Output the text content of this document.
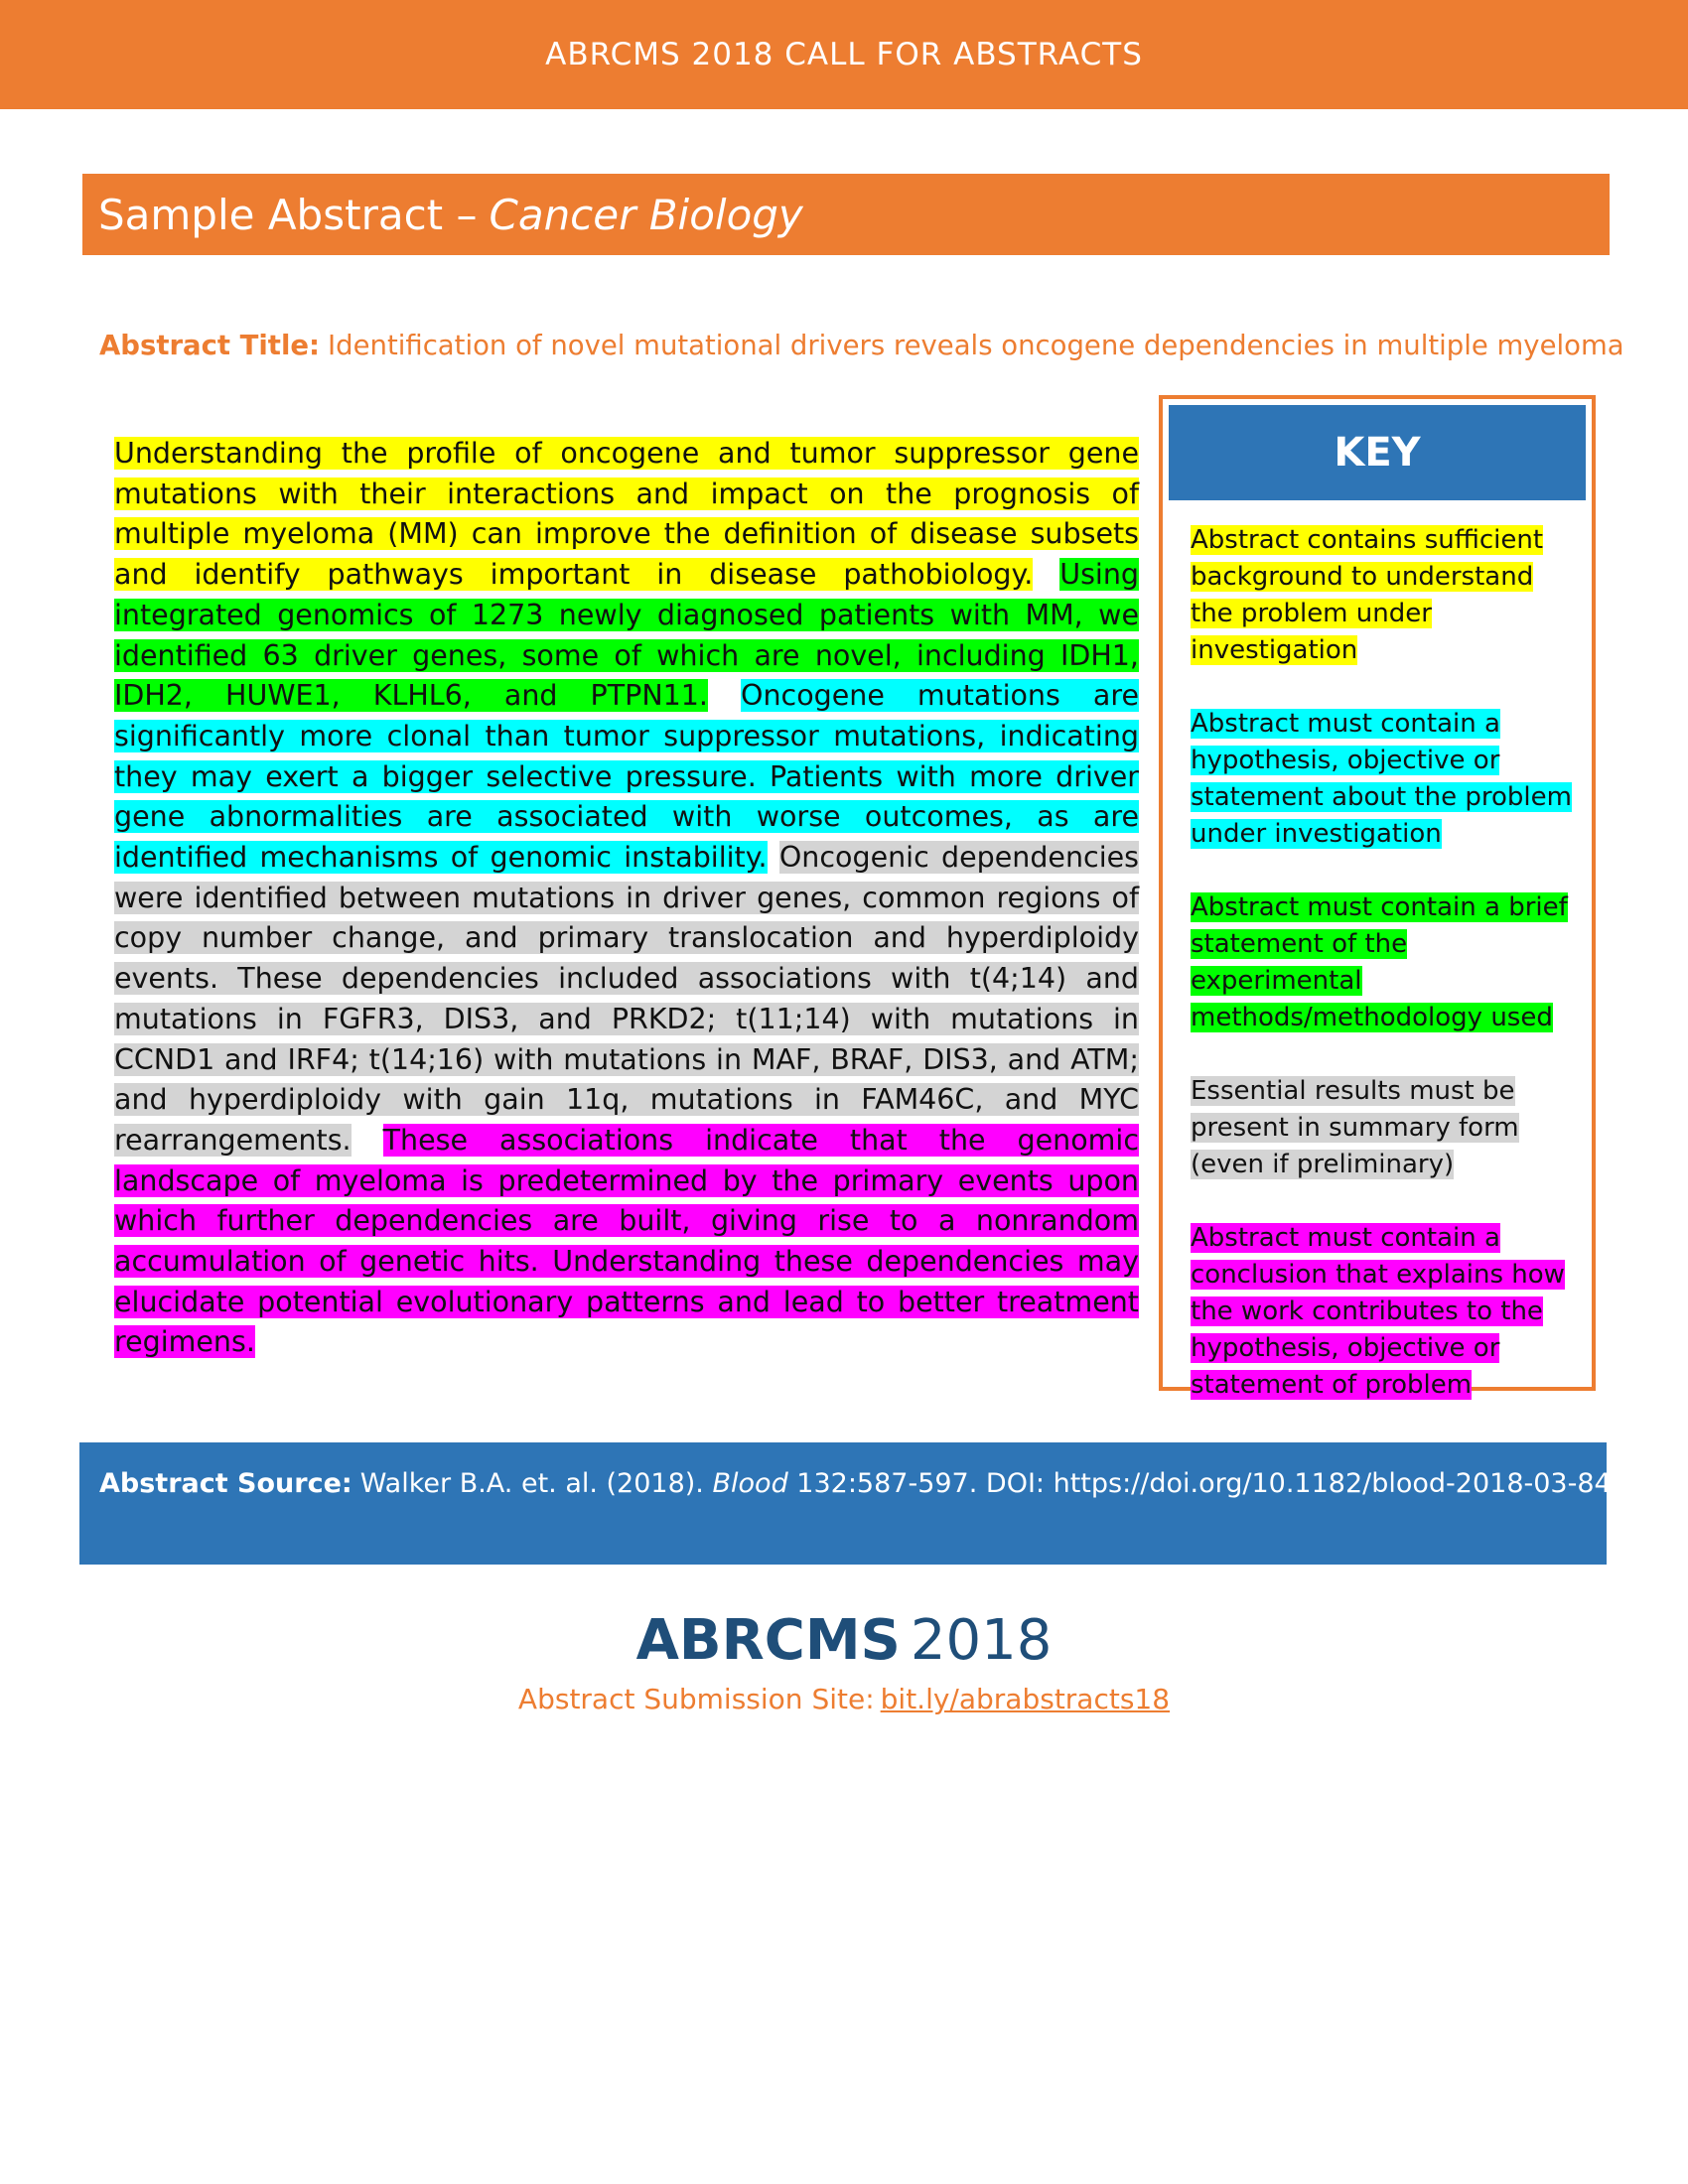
ABRCMS 2018 CALL FOR ABSTRACTS
Sample Abstract – Cancer Biology
Abstract Title: Identification of novel mutational drivers reveals oncogene dependencies in multiple myeloma
Understanding the profile of oncogene and tumor suppressor gene mutations with their interactions and impact on the prognosis of multiple myeloma (MM) can improve the definition of disease subsets and identify pathways important in disease pathobiology. Using integrated genomics of 1273 newly diagnosed patients with MM, we identified 63 driver genes, some of which are novel, including IDH1, IDH2, HUWE1, KLHL6, and PTPN11. Oncogene mutations are significantly more clonal than tumor suppressor mutations, indicating they may exert a bigger selective pressure. Patients with more driver gene abnormalities are associated with worse outcomes, as are identified mechanisms of genomic instability. Oncogenic dependencies were identified between mutations in driver genes, common regions of copy number change, and primary translocation and hyperdiploidy events. These dependencies included associations with t(4;14) and mutations in FGFR3, DIS3, and PRKD2; t(11;14) with mutations in CCND1 and IRF4; t(14;16) with mutations in MAF, BRAF, DIS3, and ATM; and hyperdiploidy with gain 11q, mutations in FAM46C, and MYC rearrangements. These associations indicate that the genomic landscape of myeloma is predetermined by the primary events upon which further dependencies are built, giving rise to a nonrandom accumulation of genetic hits. Understanding these dependencies may elucidate potential evolutionary patterns and lead to better treatment regimens.
KEY
Abstract contains sufficient background to understand the problem under investigation
Abstract must contain a hypothesis, objective or statement about the problem under investigation
Abstract must contain a brief statement of the experimental methods/methodology used
Essential results must be present in summary form (even if preliminary)
Abstract must contain a conclusion that explains how the work contributes to the hypothesis, objective or statement of problem
Abstract Source: Walker B.A. et. al. (2018). Blood 132:587-597. DOI: https://doi.org/10.1182/blood-2018-03-840132.
ABRCMS 2018
Abstract Submission Site: bit.ly/abrabstracts18
